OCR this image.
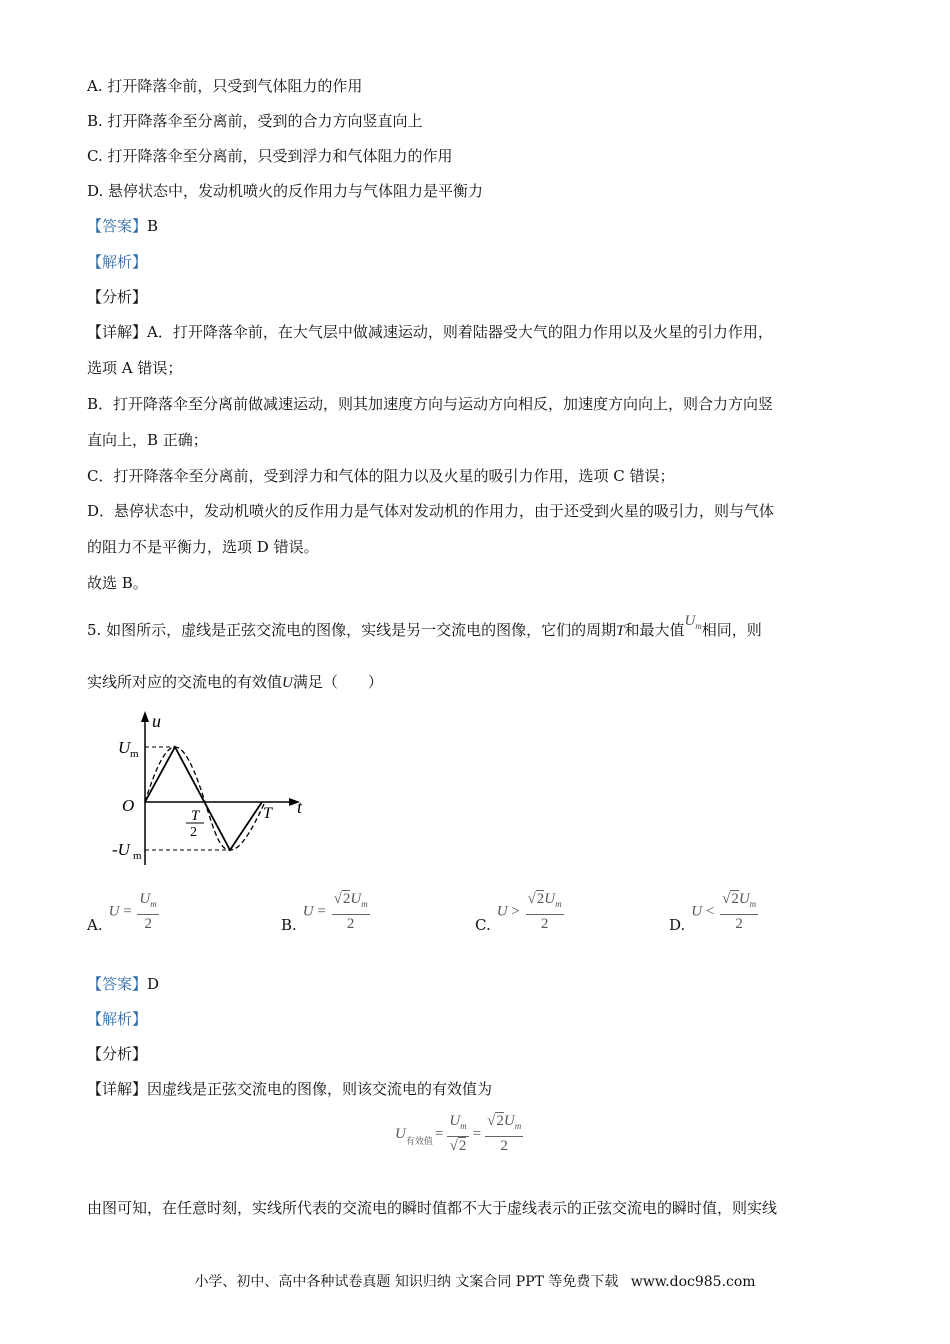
A. 打开降落伞前，只受到气体阻力的作用
B. 打开降落伞至分离前，受到的合力方向竖直向上
C. 打开降落伞至分离前，只受到浮力和气体阻力的作用
D. 悬停状态中，发动机喷火的反作用力与气体阻力是平衡力
【答案】B
【解析】
【分析】
【详解】A．打开降落伞前，在大气层中做减速运动，则着陆器受大气的阻力作用以及火星的引力作用，
选项 A 错误；
B．打开降落伞至分离前做减速运动，则其加速度方向与运动方向相反，加速度方向向上，则合力方向竖
直向上，B 正确；
C．打开降落伞至分离前，受到浮力和气体的阻力以及火星的吸引力作用，选项 C 错误；
D．悬停状态中，发动机喷火的反作用力是气体对发动机的作用力，由于还受到火星的吸引力，则与气体
的阻力不是平衡力，选项 D 错误。
故选 B。
5. 如图所示，虚线是正弦交流电的图像，实线是另一交流电的图像，它们的周期T和最大值$U_m$相同，则
实线所对应的交流电的有效值U满足（　　）
u
t
U m
-U m
O
T
2
T
A.
$U = \frac{U_m}{2}$	B.
$U = \frac{√2U_m}{2}$	C.
$U > \frac{√2U_m}{2}$	D.
$U < \frac{√2U_m}{2}$
【答案】D
【解析】
【分析】
【详解】因虚线是正弦交流电的图像，则该交流电的有效值为
$U_{有效值} = \frac{U_m}{√2} = \frac{√2U_m}{2}$
由图可知，在任意时刻，实线所代表的交流电的瞬时值都不大于虚线表示的正弦交流电的瞬时值，则实线
小学、初中、高中各种试卷真题 知识归纳 文案合同 PPT 等免费下载 www.doc985.com
